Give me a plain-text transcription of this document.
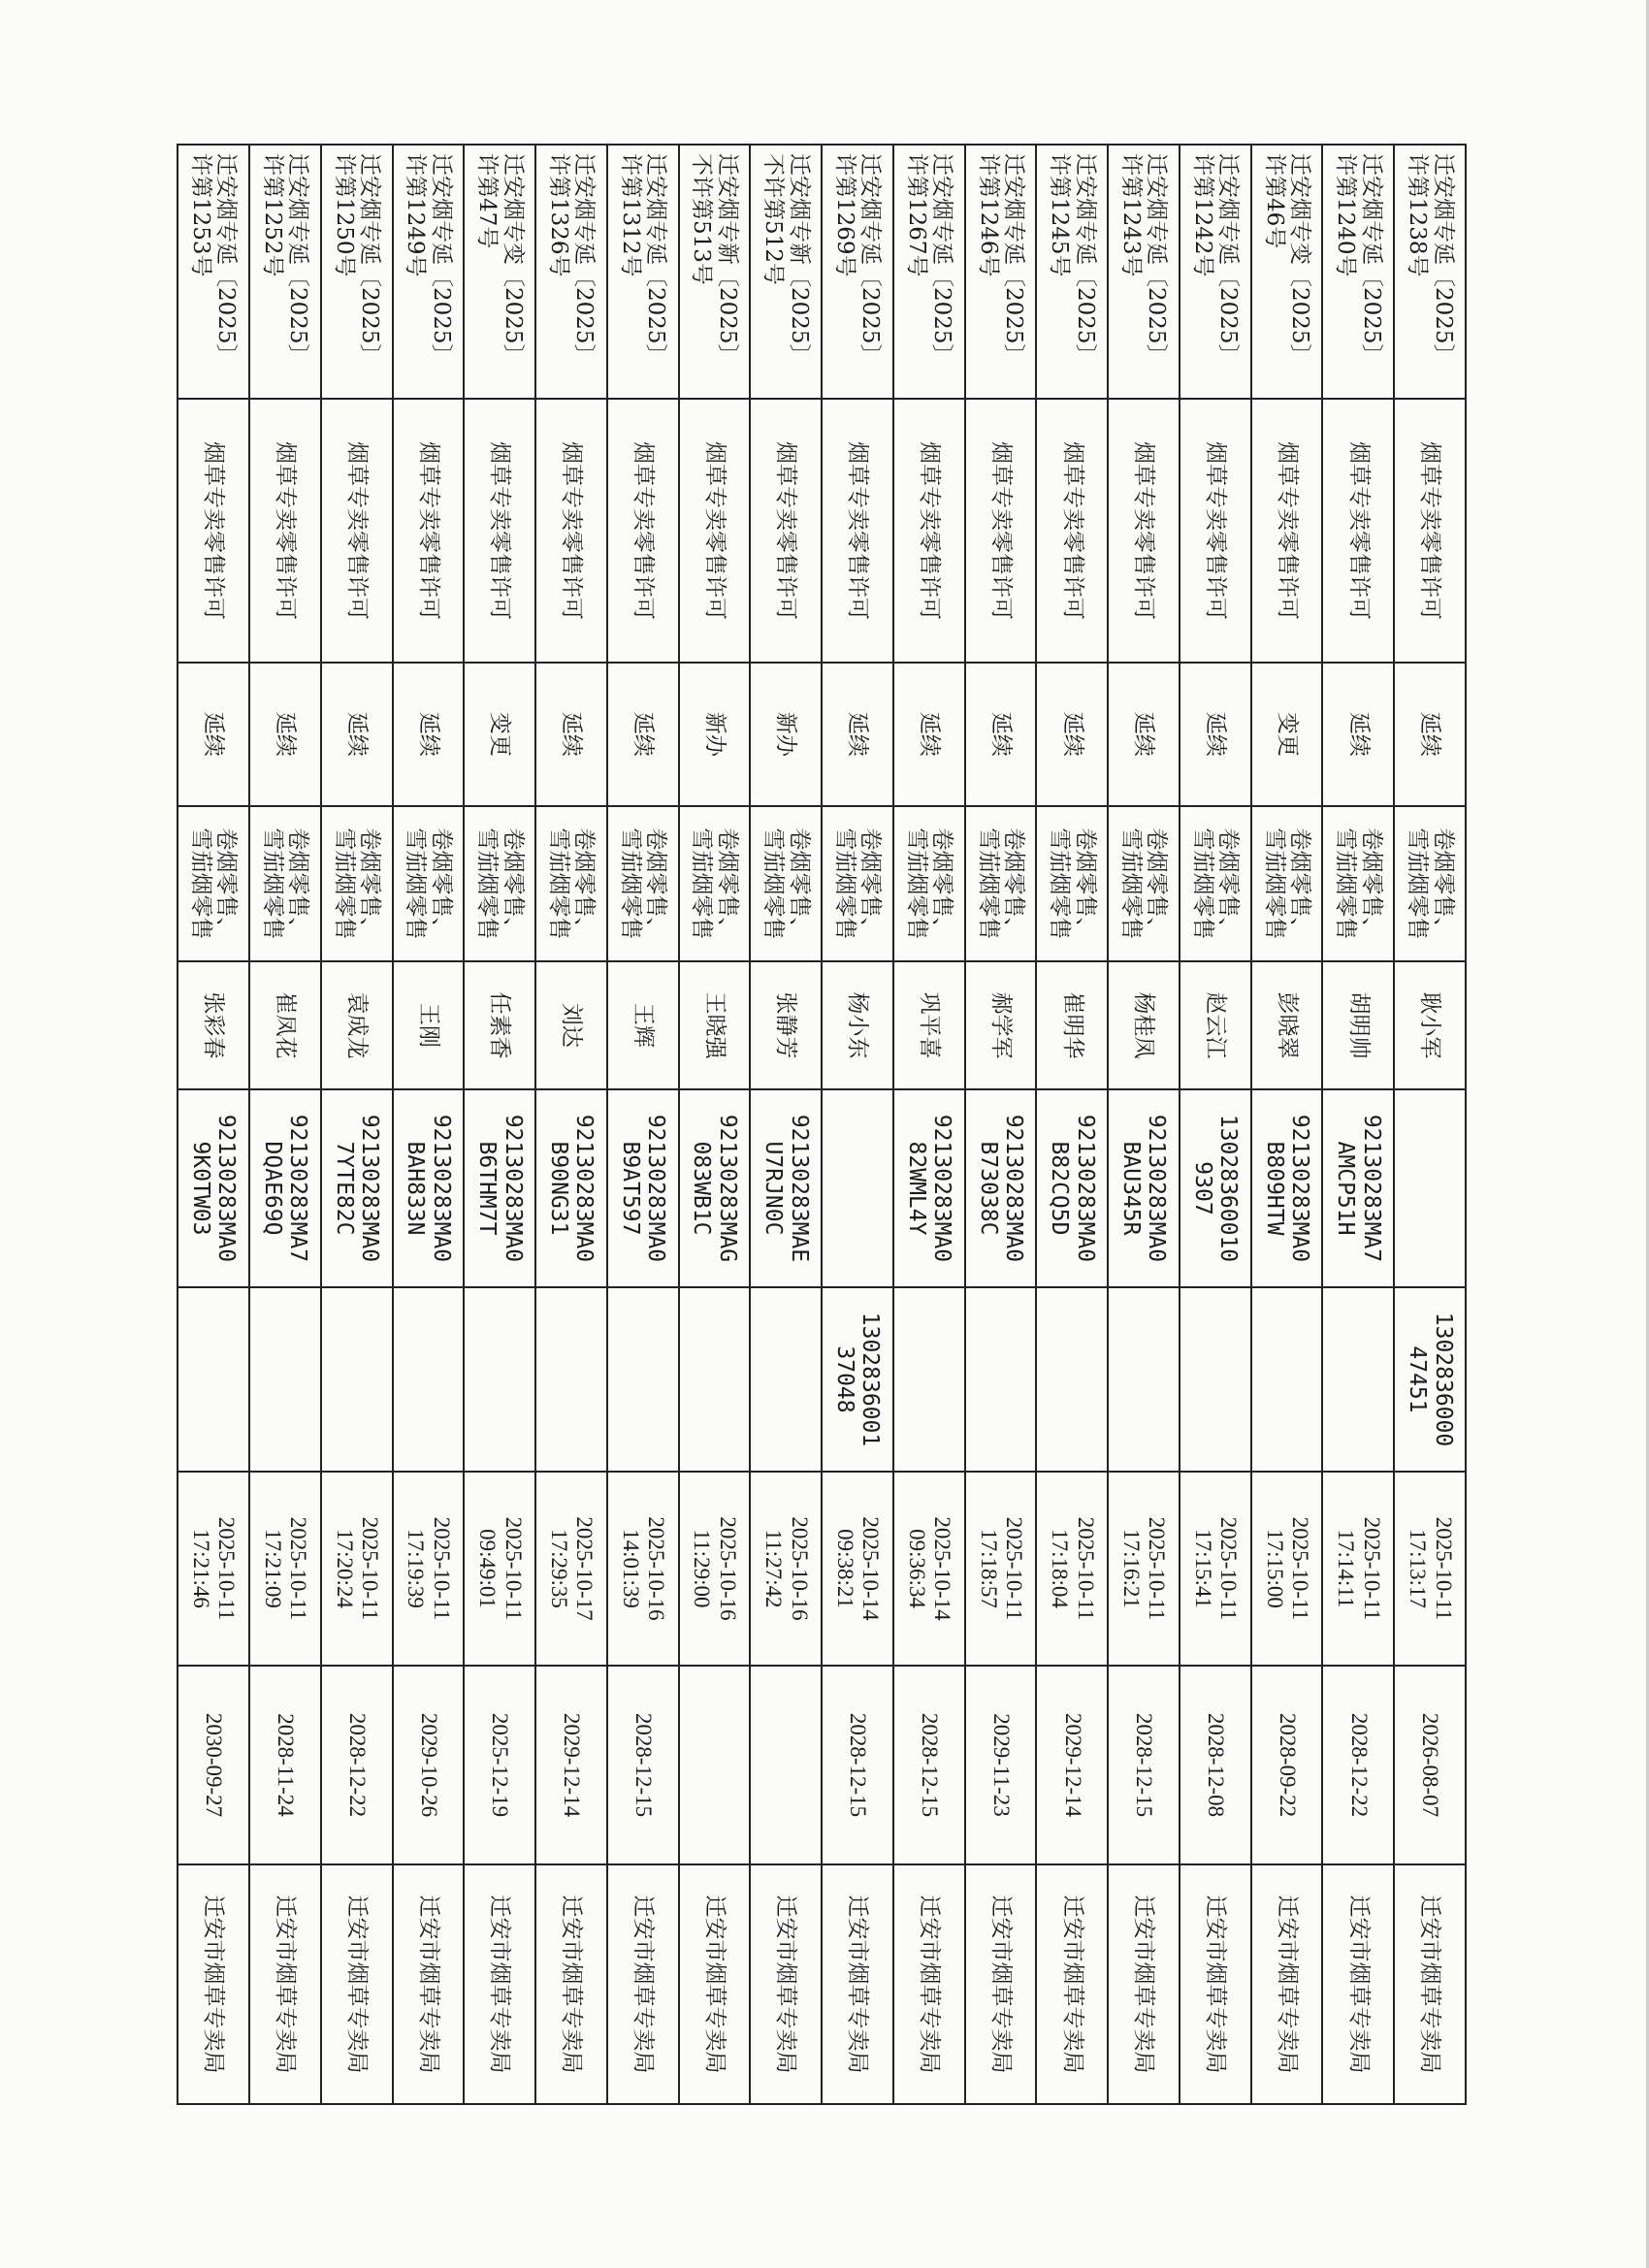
迁安烟专延〔2025〕
许第1238号	烟草专卖零售许可	延续	卷烟零售、
雪茄烟零售	耿小军		1302836000
47451	2025-10-11
17:13:17	2026-08-07	迁安市烟草专卖局

迁安烟专延〔2025〕
许第1240号	烟草专卖零售许可	延续	卷烟零售、
雪茄烟零售	胡明帅	92130283MA7
AMCP51H		2025-10-11
17:14:11	2028-12-22	迁安市烟草专卖局

迁安烟专变〔2025〕
许第46号	烟草专卖零售许可	变更	卷烟零售、
雪茄烟零售	彭晓翠	92130283MA0
B809HTW		2025-10-11
17:15:00	2028-09-22	迁安市烟草专卖局

迁安烟专延〔2025〕
许第1242号	烟草专卖零售许可	延续	卷烟零售、
雪茄烟零售	赵云江	13028360010
9307		2025-10-11
17:15:41	2028-12-08	迁安市烟草专卖局

迁安烟专延〔2025〕
许第1243号	烟草专卖零售许可	延续	卷烟零售、
雪茄烟零售	杨桂凤	92130283MA0
BAU345R		2025-10-11
17:16:21	2028-12-15	迁安市烟草专卖局

迁安烟专延〔2025〕
许第1245号	烟草专卖零售许可	延续	卷烟零售、
雪茄烟零售	崔明华	92130283MA0
B82CQ5D		2025-10-11
17:18:04	2029-12-14	迁安市烟草专卖局

迁安烟专延〔2025〕
许第1246号	烟草专卖零售许可	延续	卷烟零售、
雪茄烟零售	郝学军	92130283MA0
B73038C		2025-10-11
17:18:57	2029-11-23	迁安市烟草专卖局

迁安烟专延〔2025〕
许第1267号	烟草专卖零售许可	延续	卷烟零售、
雪茄烟零售	巩平喜	92130283MA0
82WML4Y		2025-10-14
09:36:34	2028-12-15	迁安市烟草专卖局

迁安烟专延〔2025〕
许第1269号	烟草专卖零售许可	延续	卷烟零售、
雪茄烟零售	杨小东		1302836001
37048	2025-10-14
09:38:21	2028-12-15	迁安市烟草专卖局

迁安烟专新〔2025〕
不许第512号	烟草专卖零售许可	新办	卷烟零售、
雪茄烟零售	张静芳	92130283MAE
U7RJN0C		2025-10-16
11:27:42		迁安市烟草专卖局

迁安烟专新〔2025〕
不许第513号	烟草专卖零售许可	新办	卷烟零售、
雪茄烟零售	王晓强	92130283MAG
083WB1C		2025-10-16
11:29:00		迁安市烟草专卖局

迁安烟专延〔2025〕
许第1312号	烟草专卖零售许可	延续	卷烟零售、
雪茄烟零售	王辉	92130283MA0
B9AT597		2025-10-16
14:01:39	2028-12-15	迁安市烟草专卖局

迁安烟专延〔2025〕
许第1326号	烟草专卖零售许可	延续	卷烟零售、
雪茄烟零售	刘达	92130283MA0
B90NG31		2025-10-17
17:29:35	2029-12-14	迁安市烟草专卖局

迁安烟专变〔2025〕
许第47号	烟草专卖零售许可	变更	卷烟零售、
雪茄烟零售	任素香	92130283MA0
B6THM7T		2025-10-11
09:49:01	2025-12-19	迁安市烟草专卖局

迁安烟专延〔2025〕
许第1249号	烟草专卖零售许可	延续	卷烟零售、
雪茄烟零售	王刚	92130283MA0
BAH833N		2025-10-11
17:19:39	2029-10-26	迁安市烟草专卖局

迁安烟专延〔2025〕
许第1250号	烟草专卖零售许可	延续	卷烟零售、
雪茄烟零售	袁成龙	92130283MA0
7YTE82C		2025-10-11
17:20:24	2028-12-22	迁安市烟草专卖局

迁安烟专延〔2025〕
许第1252号	烟草专卖零售许可	延续	卷烟零售、
雪茄烟零售	崔凤花	92130283MA7
DQAE69Q		2025-10-11
17:21:09	2028-11-24	迁安市烟草专卖局

迁安烟专延〔2025〕
许第1253号	烟草专卖零售许可	延续	卷烟零售、
雪茄烟零售	张彩春	92130283MA0
9K0TW03		2025-10-11
17:21:46	2030-09-27	迁安市烟草专卖局
